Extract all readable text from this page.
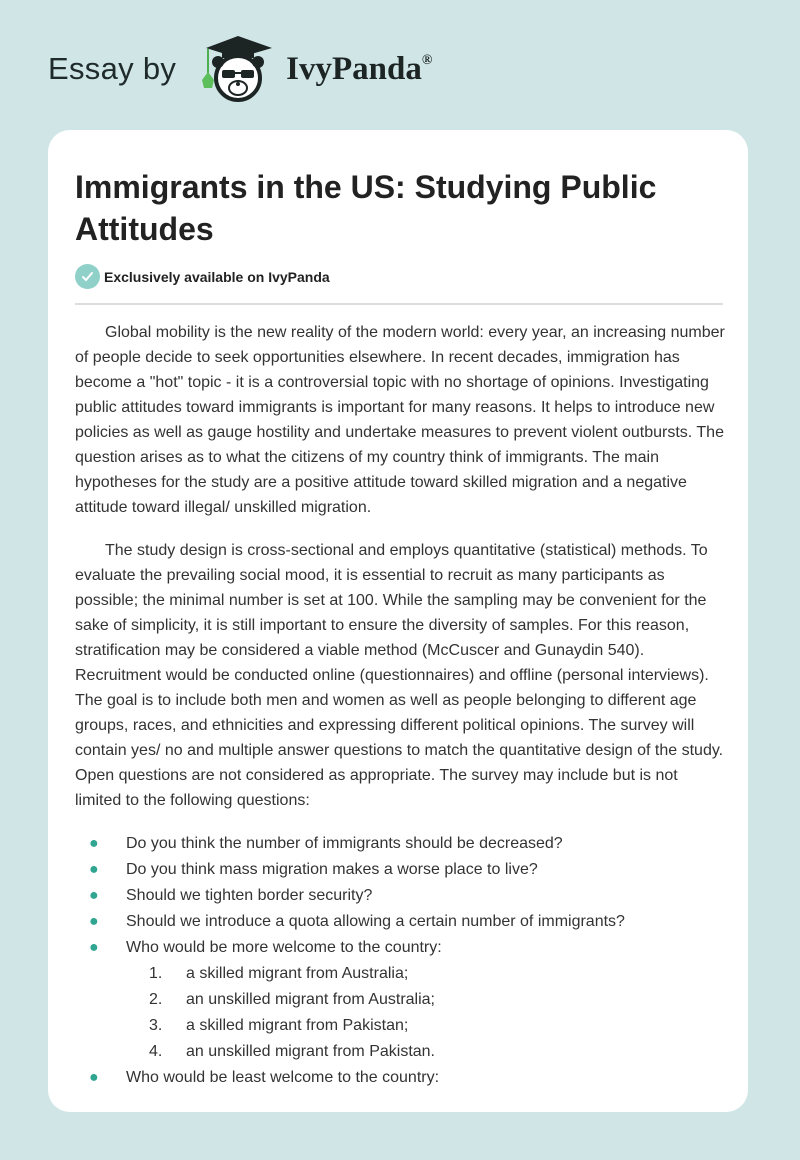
Essay by	IvyPanda®
Immigrants in the US: Studying Public Attitudes
Exclusively available on IvyPanda

Global mobility is the new reality of the modern world: every year, an increasing number of people decide to seek opportunities elsewhere. In recent decades, immigration has become a "hot" topic - it is a controversial topic with no shortage of opinions. Investigating public attitudes toward immigrants is important for many reasons. It helps to introduce new policies as well as gauge hostility and undertake measures to prevent violent outbursts. The question arises as to what the citizens of my country think of immigrants. The main hypotheses for the study are a positive attitude toward skilled migration and a negative attitude toward illegal/ unskilled migration.

The study design is cross-sectional and employs quantitative (statistical) methods. To evaluate the prevailing social mood, it is essential to recruit as many participants as possible; the minimal number is set at 100. While the sampling may be convenient for the sake of simplicity, it is still important to ensure the diversity of samples. For this reason, stratification may be considered a viable method (McCuscer and Gunaydin 540). Recruitment would be conducted online (questionnaires) and offline (personal interviews). The goal is to include both men and women as well as people belonging to different age groups, races, and ethnicities and expressing different political opinions. The survey will contain yes/ no and multiple answer questions to match the quantitative design of the study. Open questions are not considered as appropriate. The survey may include but is not limited to the following questions:

● Do you think the number of immigrants should be decreased?
● Do you think mass migration makes a worse place to live?
● Should we tighten border security?
● Should we introduce a quota allowing a certain number of immigrants?
● Who would be more welcome to the country:
1. a skilled migrant from Australia;
2. an unskilled migrant from Australia;
3. a skilled migrant from Pakistan;
4. an unskilled migrant from Pakistan.
● Who would be least welcome to the country:
